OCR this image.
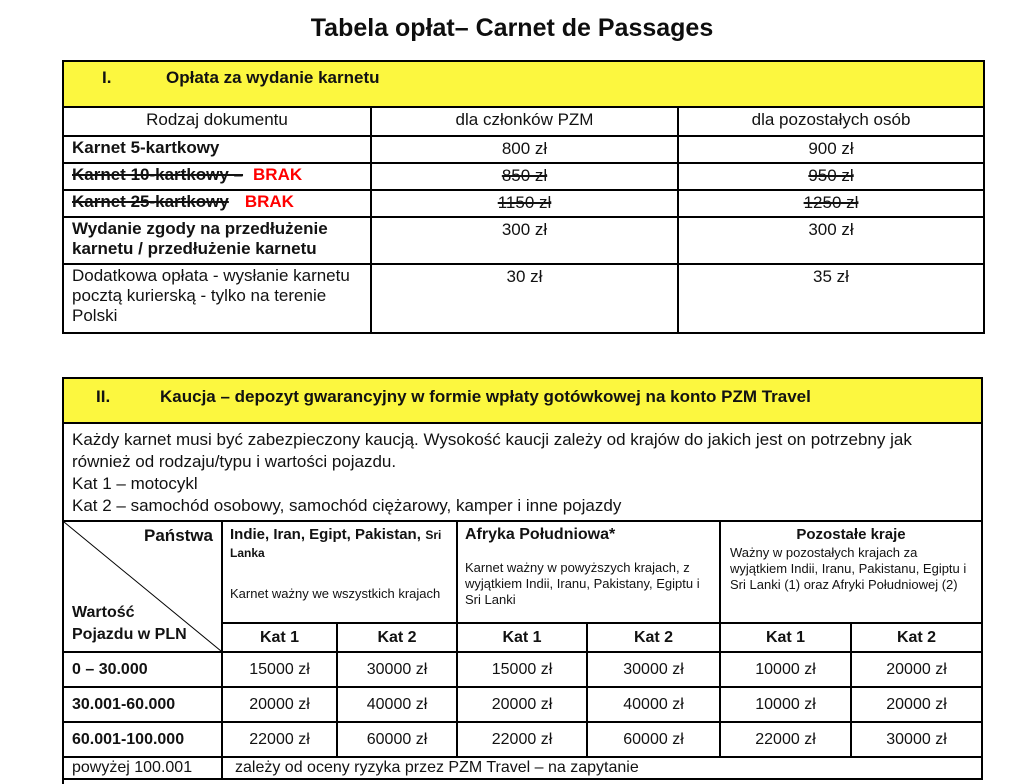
Tabela opłat– Carnet de Passages
I. Opłata za wydanie karnetu		
Rodzaj dokumentu	dla członków PZM	dla pozostałych osób
Karnet 5-kartkowy	800 zł	900 zł
Karnet 10-kartkowy – BRAK	850 zł	950 zł
Karnet 25-kartkowy BRAK	1150 zł	1250 zł
Wydanie zgody na przedłużenie karnetu / przedłużenie karnetu	300 zł	300 zł
Dodatkowa opłata - wysłanie karnetu pocztą kurierską - tylko na terenie Polski	30 zł	35 zł
II.	Kaucja – depozyt gwarancyjny w formie wpłaty gotówkowej na konto PZM Travel
Każdy karnet musi być zabezpieczony kaucją. Wysokość kaucji zależy od krajów do jakich jest on potrzebny jak
również od rodzaju/typu i wartości pojazdu.
Kat 1 – motocykl
Kat 2 – samochód osobowy, samochód ciężarowy, kamper i inne pojazdy
Państwa
Wartość
Pojazdu w PLN
	Indie, Iran, Egipt, Pakistan, Sri Lanka
Karnet ważny we wszystkich krajach
	Afryka Południowa*
Karnet ważny w powyższych krajach, z wyjątkiem Indii, Iranu, Pakistany, Egiptu i Sri Lanki
	Pozostałe kraje
Ważny w pozostałych krajach za wyjątkiem Indii, Iranu, Pakistanu, Egiptu i Sri Lanki (1) oraz Afryki Południowej (2)

	Kat 1	Kat 2	Kat 1	Kat 2	Kat 1	Kat 2
0 – 30.000	15000 zł	30000 zł	15000 zł	30000 zł	10000 zł	20000 zł
30.001-60.000	20000 zł	40000 zł	20000 zł	40000 zł	10000 zł	20000 zł
60.001-100.000	22000 zł	60000 zł	22000 zł	60000 zł	22000 zł	30000 zł
powyżej 100.001	zależy od oceny ryzyka przez PZM Travel – na zapytanie					
